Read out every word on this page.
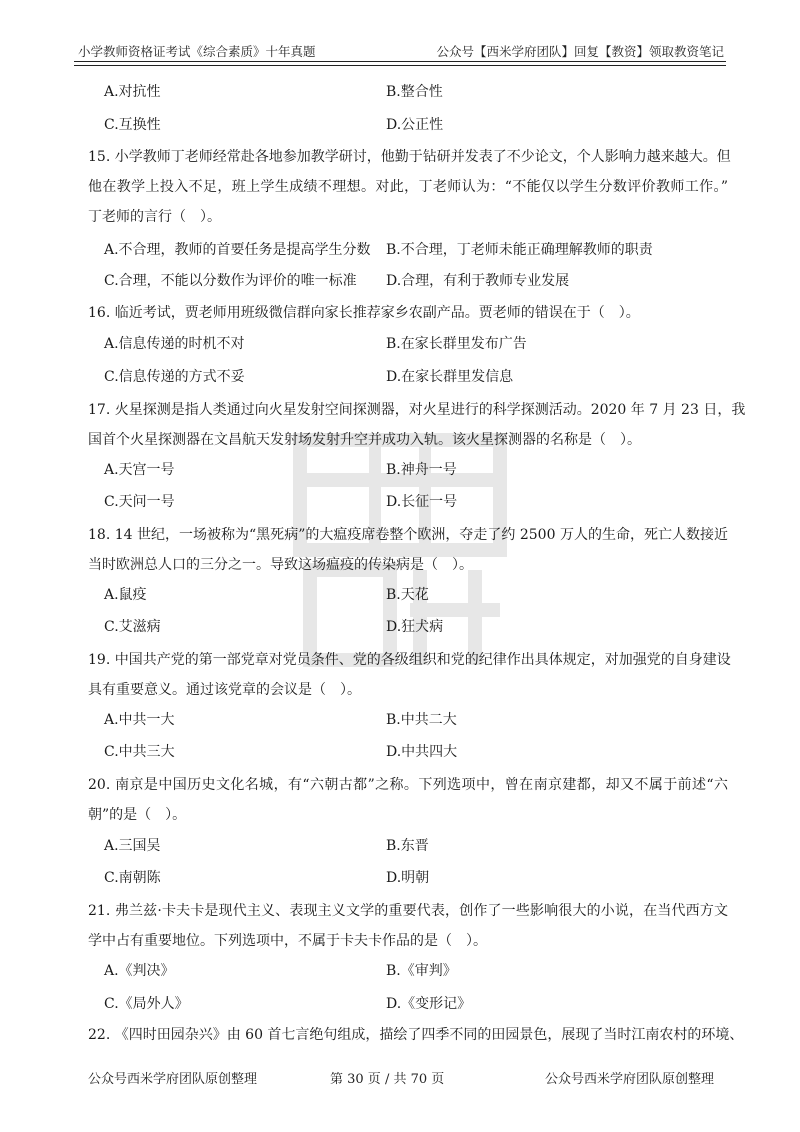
小学教师资格证考试《综合素质》十年真题	公众号【西米学府团队】回复【教资】领取教资笔记
A.对抗性	B.整合性
C.互换性	D.公正性
15. 小学教师丁老师经常赴各地参加教学研讨，他勤于钻研并发表了不少论文，个人影响力越来越大。但
他在教学上投入不足，班上学生成绩不理想。对此，丁老师认为：“不能仅以学生分数评价教师工作。”
丁老师的言行（　）。
A.不合理，教师的首要任务是提高学生分数 B.不合理，丁老师未能正确理解教师的职责
C.合理，不能以分数作为评价的唯一标准 D.合理，有利于教师专业发展
16. 临近考试，贾老师用班级微信群向家长推荐家乡农副产品。贾老师的错误在于（　）。
A.信息传递的时机不对	B.在家长群里发布广告
C.信息传递的方式不妥	D.在家长群里发信息
17. 火星探测是指人类通过向火星发射空间探测器，对火星进行的科学探测活动。2020 年 7 月 23 日，我
国首个火星探测器在文昌航天发射场发射升空并成功入轨。该火星探测器的名称是（　）。
A.天宫一号	B.神舟一号
C.天问一号	D.长征一号
18. 14 世纪，一场被称为“黑死病”的大瘟疫席卷整个欧洲，夺走了约 2500 万人的生命，死亡人数接近
当时欧洲总人口的三分之一。导致这场瘟疫的传染病是（　）。
A.鼠疫	B.天花
C.艾滋病	D.狂犬病
19. 中国共产党的第一部党章对党员条件、党的各级组织和党的纪律作出具体规定，对加强党的自身建设
具有重要意义。通过该党章的会议是（　）。
A.中共一大	B.中共二大
C.中共三大	D.中共四大
20. 南京是中国历史文化名城，有“六朝古都”之称。下列选项中，曾在南京建都，却又不属于前述“六
朝”的是（　）。
A.三国吴	B.东晋
C.南朝陈	D.明朝
21. 弗兰兹·卡夫卡是现代主义、表现主义文学的重要代表，创作了一些影响很大的小说，在当代西方文
学中占有重要地位。下列选项中，不属于卡夫卡作品的是（　）。
A.《判决》	B.《审判》
C.《局外人》	D.《变形记》
22. 《四时田园杂兴》由 60 首七言绝句组成，描绘了四季不同的田园景色，展现了当时江南农村的环境、
公众号西米学府团队原创整理	第 30 页 / 共 70 页	公众号西米学府团队原创整理
